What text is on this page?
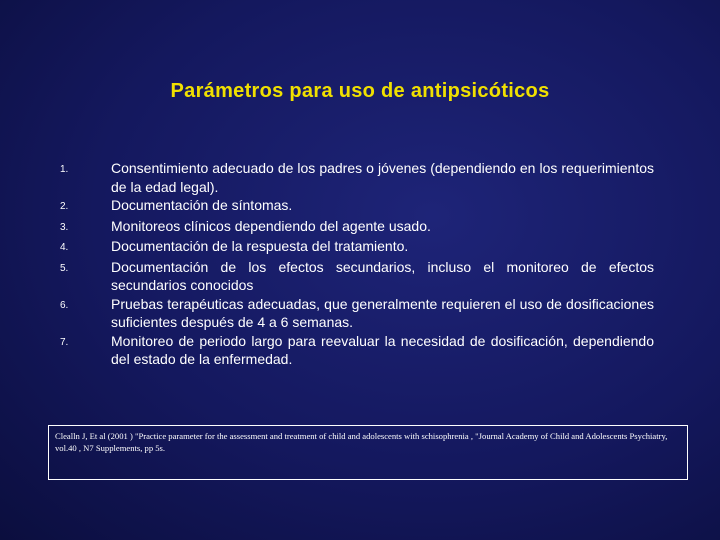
Parámetros para uso de antipsicóticos
1.	Consentimiento adecuado de los padres o jóvenes (dependiendo en los requerimientos de la edad legal).
2.	Documentación de síntomas.
3.	Monitoreos clínicos dependiendo del agente usado.
4.	Documentación de la respuesta del tratamiento.
5.	Documentación de los efectos secundarios, incluso el monitoreo de efectos secundarios conocidos
6.	Pruebas terapéuticas adecuadas, que generalmente requieren el uso de dosificaciones suficientes después de 4 a 6 semanas.
7.	Monitoreo de periodo largo para reevaluar la necesidad de dosificación, dependiendo del estado de la enfermedad.
Clealln J, Et al (2001 ) "Practice parameter for the assessment and treatment of child and adolescents with schisophrenia , "Journal Academy of Child and Adolescents Psychiatry, vol.40 , N7 Supplements, pp 5s.
